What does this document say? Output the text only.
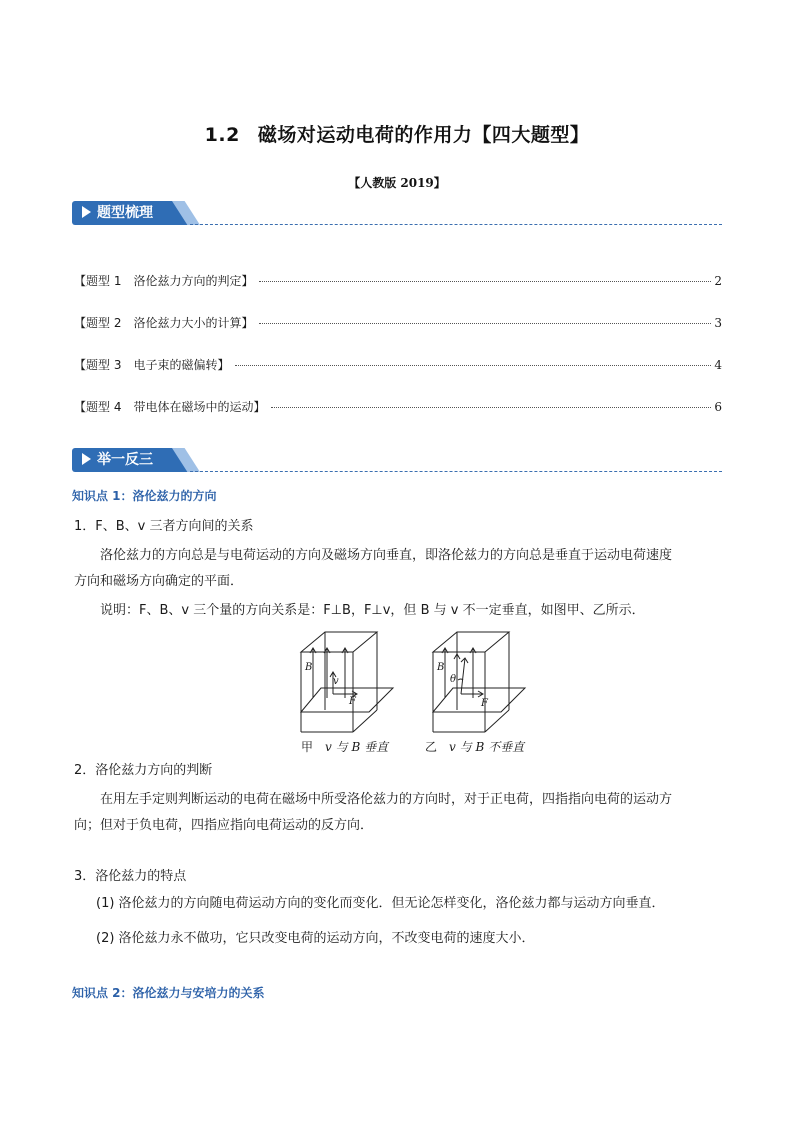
1.2 磁场对运动电荷的作用力【四大题型】
【人教版 2019】
题型梳理
【题型 1　洛伦兹力方向的判定】	2
【题型 2　洛伦兹力大小的计算】	3
【题型 3　电子束的磁偏转】	4
【题型 4　带电体在磁场中的运动】	6
举一反三
知识点 1：洛伦兹力的方向
1．F、B、v 三者方向间的关系
洛伦兹力的方向总是与电荷运动的方向及磁场方向垂直，即洛伦兹力的方向总是垂直于运动电荷速度
方向和磁场方向确定的平面．
说明：F、B、v 三个量的方向关系是：F⊥B，F⊥v，但 B 与 v 不一定垂直，如图甲、乙所示．
B
v
F
B
θ
F
甲　 v 与 B 垂直	乙　 v 与 B 不垂直
2．洛伦兹力方向的判断
在用左手定则判断运动的电荷在磁场中所受洛伦兹力的方向时，对于正电荷，四指指向电荷的运动方
向；但对于负电荷，四指应指向电荷运动的反方向．
3．洛伦兹力的特点
(1) 洛伦兹力的方向随电荷运动方向的变化而变化．但无论怎样变化，洛伦兹力都与运动方向垂直．
(2) 洛伦兹力永不做功，它只改变电荷的运动方向，不改变电荷的速度大小．
知识点 2：洛伦兹力与安培力的关系
